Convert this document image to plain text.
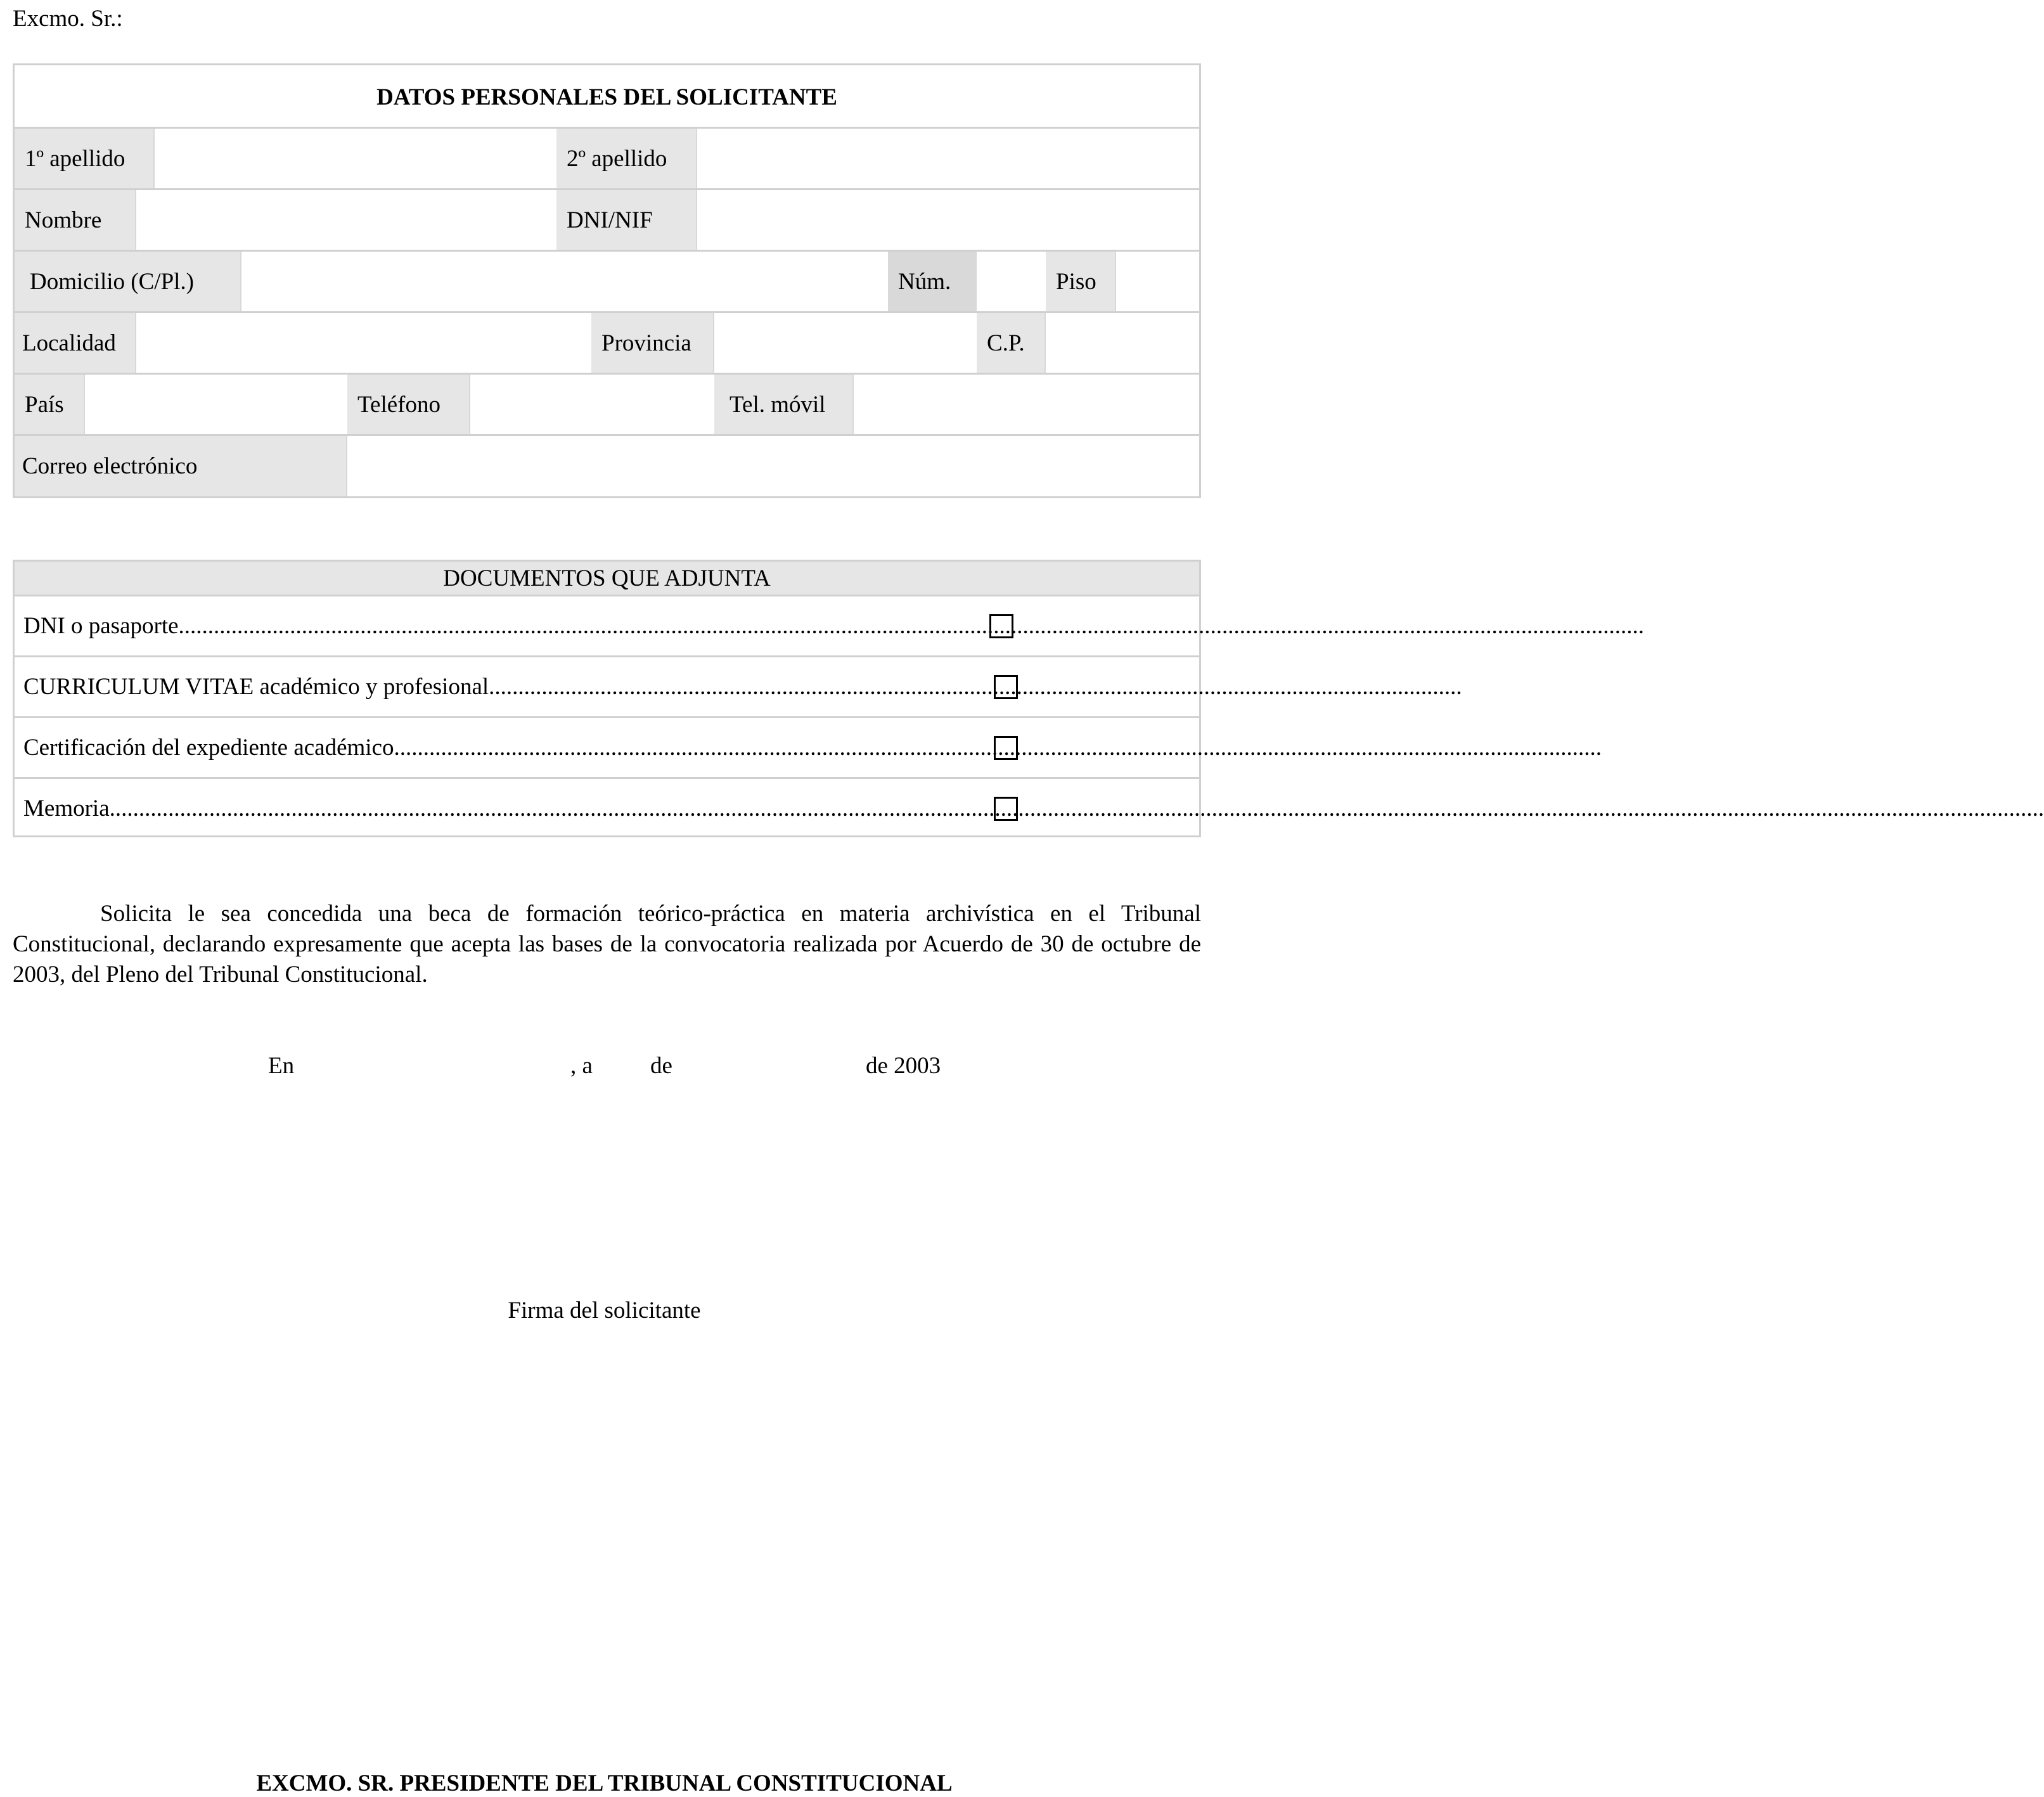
Excmo. Sr.:
DATOS PERSONALES DEL SOLICITANTE
1º apellido	2º apellido
Nombre	DNI/NIF
Domicilio (C/Pl.)	Núm.	Piso
Localidad	Provincia	C.P.
País	Teléfono	Tel. móvil
Correo electrónico
DOCUMENTOS QUE ADJUNTA
DNI o pasaporte ..........................................................................................................................................................................................................................................................
CURRICULUM VITAE académico y profesional ......................................................................................................................................................................
Certificación del expediente académico ..............................................................................................................................................................................................................
Memoria ..........................................................................................................................................................................................................................................................................................................................................
Solicita le sea concedida una beca de formación teórico-práctica en materia archivística en el Tribunal Constitucional, declarando expresamente que acepta las bases de la convocatoria realizada por Acuerdo de 30 de octubre de 2003, del Pleno del Tribunal Constitucional.
En	, a de	de 2003
Firma del solicitante
EXCMO. SR. PRESIDENTE DEL TRIBUNAL CONSTITUCIONAL
